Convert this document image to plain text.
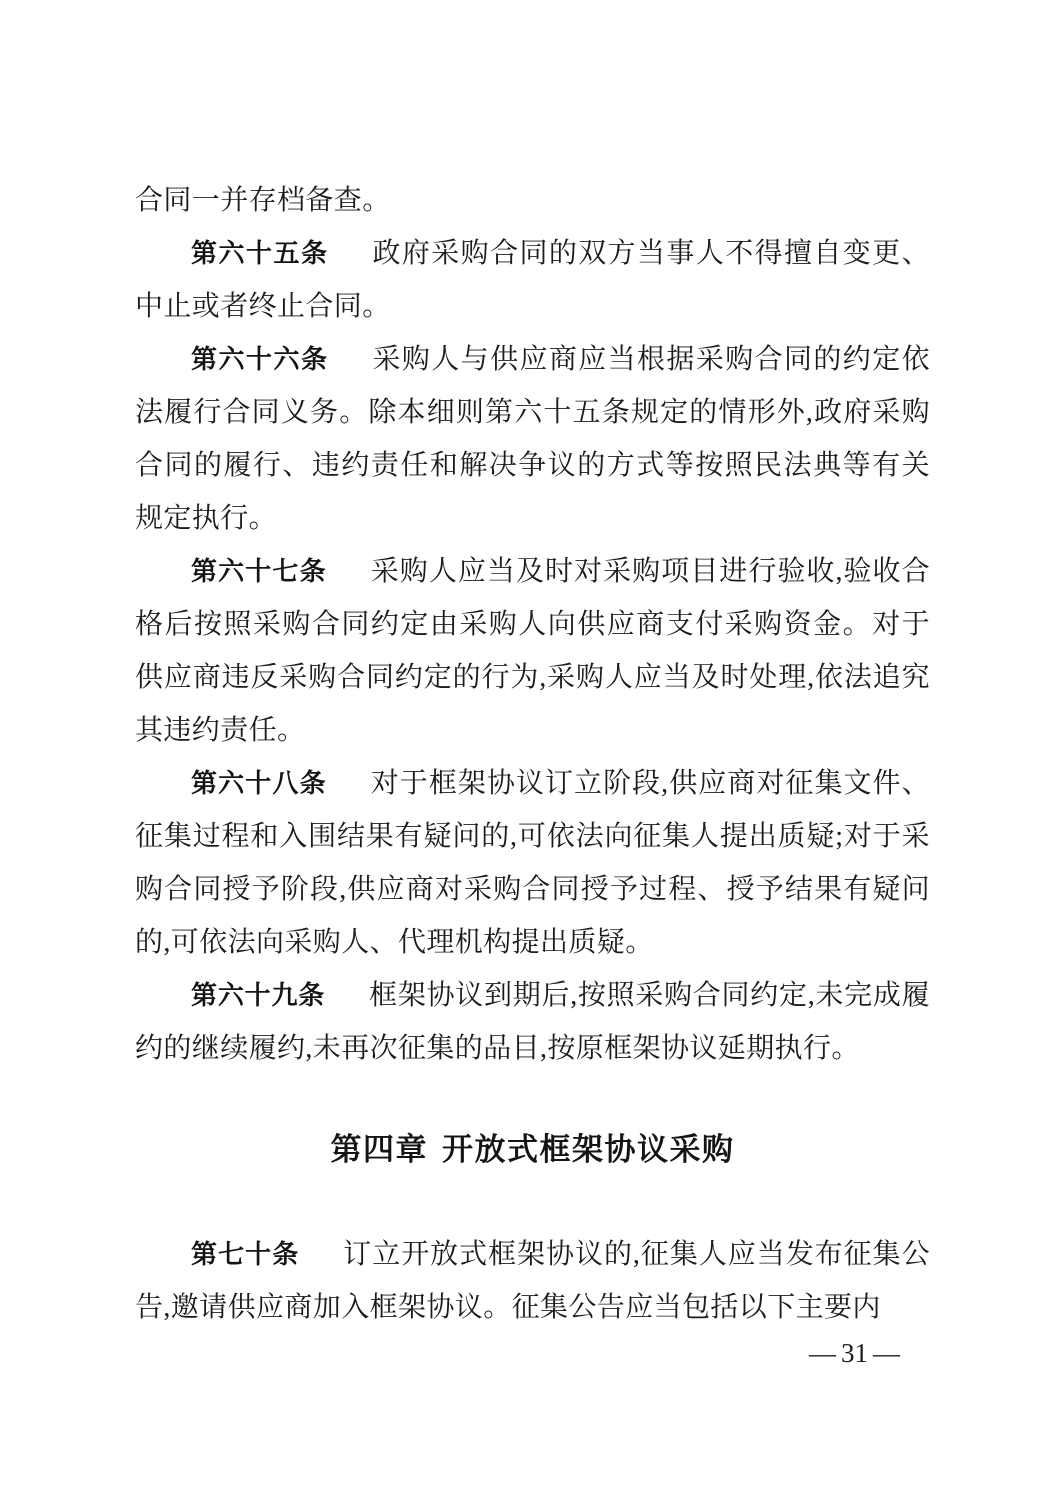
合同一并存档备查。

第六十五条 政府采购合同的双方当事人不得擅自变更、中止或者终止合同。

第六十六条 采购人与供应商应当根据采购合同的约定依法履行合同义务。除本细则第六十五条规定的情形外,政府采购合同的履行、违约责任和解决争议的方式等按照民法典等有关规定执行。

第六十七条 采购人应当及时对采购项目进行验收,验收合格后按照采购合同约定由采购人向供应商支付采购资金。对于供应商违反采购合同约定的行为,采购人应当及时处理,依法追究其违约责任。

第六十八条 对于框架协议订立阶段,供应商对征集文件、征集过程和入围结果有疑问的,可依法向征集人提出质疑;对于采购合同授予阶段,供应商对采购合同授予过程、授予结果有疑问的,可依法向采购人、代理机构提出质疑。

第六十九条 框架协议到期后,按照采购合同约定,未完成履约的继续履约,未再次征集的品目,按原框架协议延期执行。

第四章 开放式框架协议采购

第七十条 订立开放式框架协议的,征集人应当发布征集公告,邀请供应商加入框架协议。征集公告应当包括以下主要内

— 31 —
